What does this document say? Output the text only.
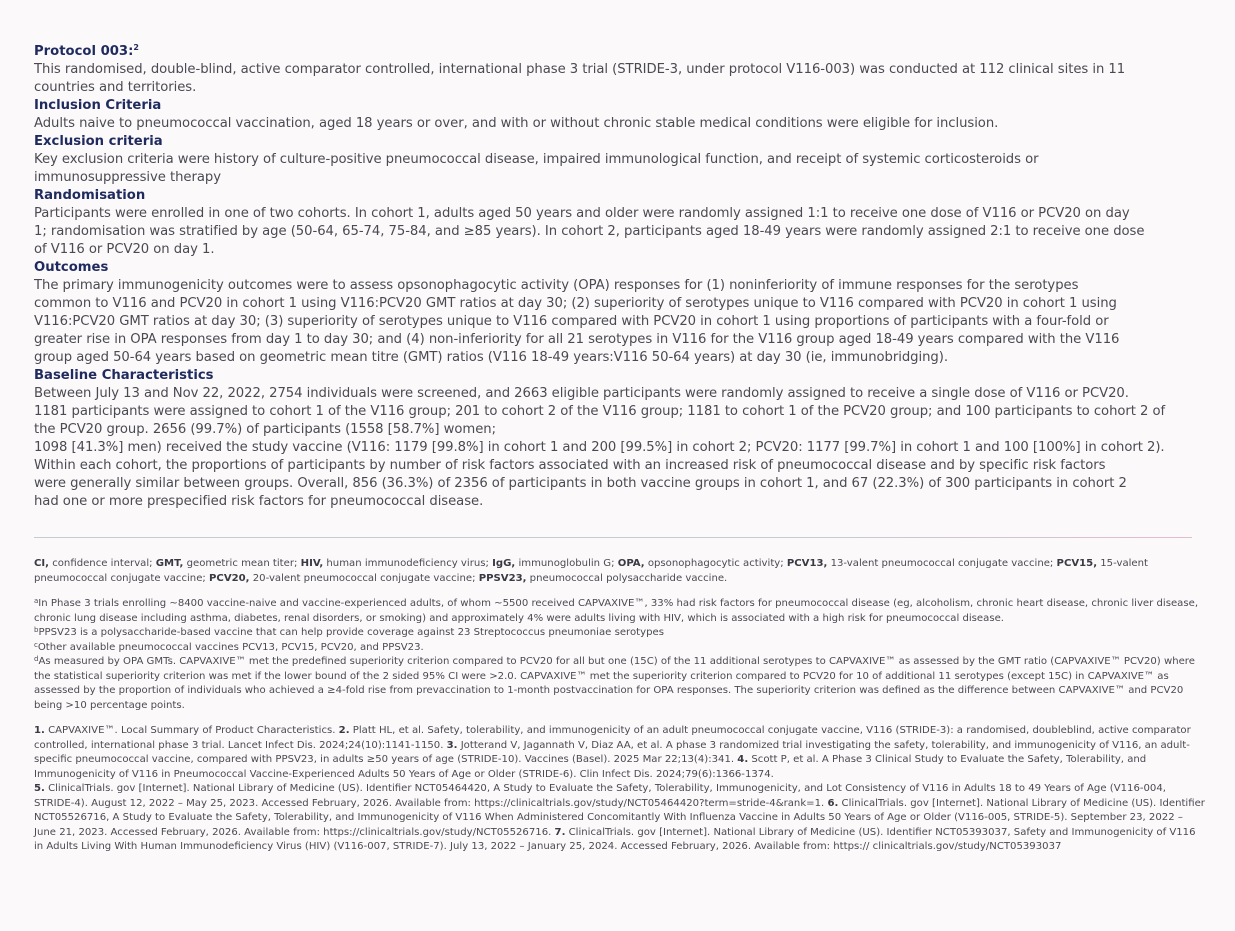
Protocol 003:$^2$

This randomised, double-blind, active comparator controlled, international phase 3 trial (STRIDE-3, under protocol V116-003) was conducted at 112 clinical sites in 11
countries and territories.

Inclusion Criteria

Adults naive to pneumococcal vaccination, aged 18 years or over, and with or without chronic stable medical conditions were eligible for inclusion.

Exclusion criteria

Key exclusion criteria were history of culture-positive pneumococcal disease, impaired immunological function, and receipt of systemic corticosteroids or
immunosuppressive therapy

Randomisation

Participants were enrolled in one of two cohorts. In cohort 1, adults aged 50 years and older were randomly assigned 1:1 to receive one dose of V116 or PCV20 on day
1; randomisation was stratified by age (50-64, 65-74, 75-84, and ≥85 years). In cohort 2, participants aged 18-49 years were randomly assigned 2:1 to receive one dose
of V116 or PCV20 on day 1.

Outcomes

The primary immunogenicity outcomes were to assess opsonophagocytic activity (OPA) responses for (1) noninferiority of immune responses for the serotypes
common to V116 and PCV20 in cohort 1 using V116:PCV20 GMT ratios at day 30; (2) superiority of serotypes unique to V116 compared with PCV20 in cohort 1 using
V116:PCV20 GMT ratios at day 30; (3) superiority of serotypes unique to V116 compared with PCV20 in cohort 1 using proportions of participants with a four-fold or
greater rise in OPA responses from day 1 to day 30; and (4) non-inferiority for all 21 serotypes in V116 for the V116 group aged 18-49 years compared with the V116
group aged 50-64 years based on geometric mean titre (GMT) ratios (V116 18-49 years:V116 50-64 years) at day 30 (ie, immunobridging).

Baseline Characteristics

Between July 13 and Nov 22, 2022, 2754 individuals were screened, and 2663 eligible participants were randomly assigned to receive a single dose of V116 or PCV20.
1181 participants were assigned to cohort 1 of the V116 group; 201 to cohort 2 of the V116 group; 1181 to cohort 1 of the PCV20 group; and 100 participants to cohort 2 of
the PCV20 group. 2656 (99.7%) of participants (1558 [58.7%] women;
1098 [41.3%] men) received the study vaccine (V116: 1179 [99.8%] in cohort 1 and 200 [99.5%] in cohort 2; PCV20: 1177 [99.7%] in cohort 1 and 100 [100%] in cohort 2).
Within each cohort, the proportions of participants by number of risk factors associated with an increased risk of pneumococcal disease and by specific risk factors
were generally similar between groups. Overall, 856 (36.3%) of 2356 of participants in both vaccine groups in cohort 1, and 67 (22.3%) of 300 participants in cohort 2
had one or more prespecified risk factors for pneumococcal disease.

CI, confidence interval; GMT, geometric mean titer; HIV, human immunodeficiency virus; IgG, immunoglobulin G; OPA, opsonophagocytic activity; PCV13, 13-valent pneumococcal conjugate vaccine; PCV15, 15-valent pneumococcal conjugate vaccine; PCV20, 20-valent pneumococcal conjugate vaccine; PPSV23, pneumococcal polysaccharide vaccine.

$^a$In Phase 3 trials enrolling ~8400 vaccine-naive and vaccine-experienced adults, of whom ~5500 received CAPVAXIVE™, 33% had risk factors for pneumococcal disease (eg, alcoholism, chronic heart disease, chronic liver disease, chronic lung disease including asthma, diabetes, renal disorders, or smoking) and approximately 4% were adults living with HIV, which is associated with a high risk for pneumococcal disease.

$^b$PPSV23 is a polysaccharide-based vaccine that can help provide coverage against 23 Streptococcus pneumoniae serotypes

$^c$Other available pneumococcal vaccines PCV13, PCV15, PCV20, and PPSV23.

$^d$As measured by OPA GMTs. CAPVAXIVE™ met the predefined superiority criterion compared to PCV20 for all but one (15C) of the 11 additional serotypes to CAPVAXIVE™ as assessed by the GMT ratio (CAPVAXIVE™ PCV20) where the statistical superiority criterion was met if the lower bound of the 2 sided 95% CI were >2.0. CAPVAXIVE™ met the superiority criterion compared to PCV20 for 10 of additional 11 serotypes (except 15C) in CAPVAXIVE™ as assessed by the proportion of individuals who achieved a ≥4-fold rise from prevaccination to 1-month postvaccination for OPA responses. The superiority criterion was defined as the difference between CAPVAXIVE™ and PCV20 being >10 percentage points.

1. CAPVAXIVE™. Local Summary of Product Characteristics. 2. Platt HL, et al. Safety, tolerability, and immunogenicity of an adult pneumococcal conjugate vaccine, V116 (STRIDE-3): a randomised, doubleblind, active comparator controlled, international phase 3 trial. Lancet Infect Dis. 2024;24(10):1141-1150. 3. Jotterand V, Jagannath V, Diaz AA, et al. A phase 3 randomized trial investigating the safety, tolerability, and immunogenicity of V116, an adult-specific pneumococcal vaccine, compared with PPSV23, in adults ≥50 years of age (STRIDE-10). Vaccines (Basel). 2025 Mar 22;13(4):341. 4. Scott P, et al. A Phase 3 Clinical Study to Evaluate the Safety, Tolerability, and Immunogenicity of V116 in Pneumococcal Vaccine-Experienced Adults 50 Years of Age or Older (STRIDE-6). Clin Infect Dis. 2024;79(6):1366-1374.
5. ClinicalTrials. gov [Internet]. National Library of Medicine (US). Identifier NCT05464420, A Study to Evaluate the Safety, Tolerability, Immunogenicity, and Lot Consistency of V116 in Adults 18 to 49 Years of Age (V116-004, STRIDE-4). August 12, 2022 – May 25, 2023. Accessed February, 2026. Available from: https://clinicaltrials.gov/study/NCT05464420?term=stride-4&rank=1. 6. ClinicalTrials. gov [Internet]. National Library of Medicine (US). Identifier NCT05526716, A Study to Evaluate the Safety, Tolerability, and Immunogenicity of V116 When Administered Concomitantly With Influenza Vaccine in Adults 50 Years of Age or Older (V116-005, STRIDE-5). September 23, 2022 – June 21, 2023. Accessed February, 2026. Available from: https://clinicaltrials.gov/study/NCT05526716. 7. ClinicalTrials. gov [Internet]. National Library of Medicine (US). Identifier NCT05393037, Safety and Immunogenicity of V116 in Adults Living With Human Immunodeficiency Virus (HIV) (V116-007, STRIDE-7). July 13, 2022 – January 25, 2024. Accessed February, 2026. Available from: https:// clinicaltrials.gov/study/NCT05393037
